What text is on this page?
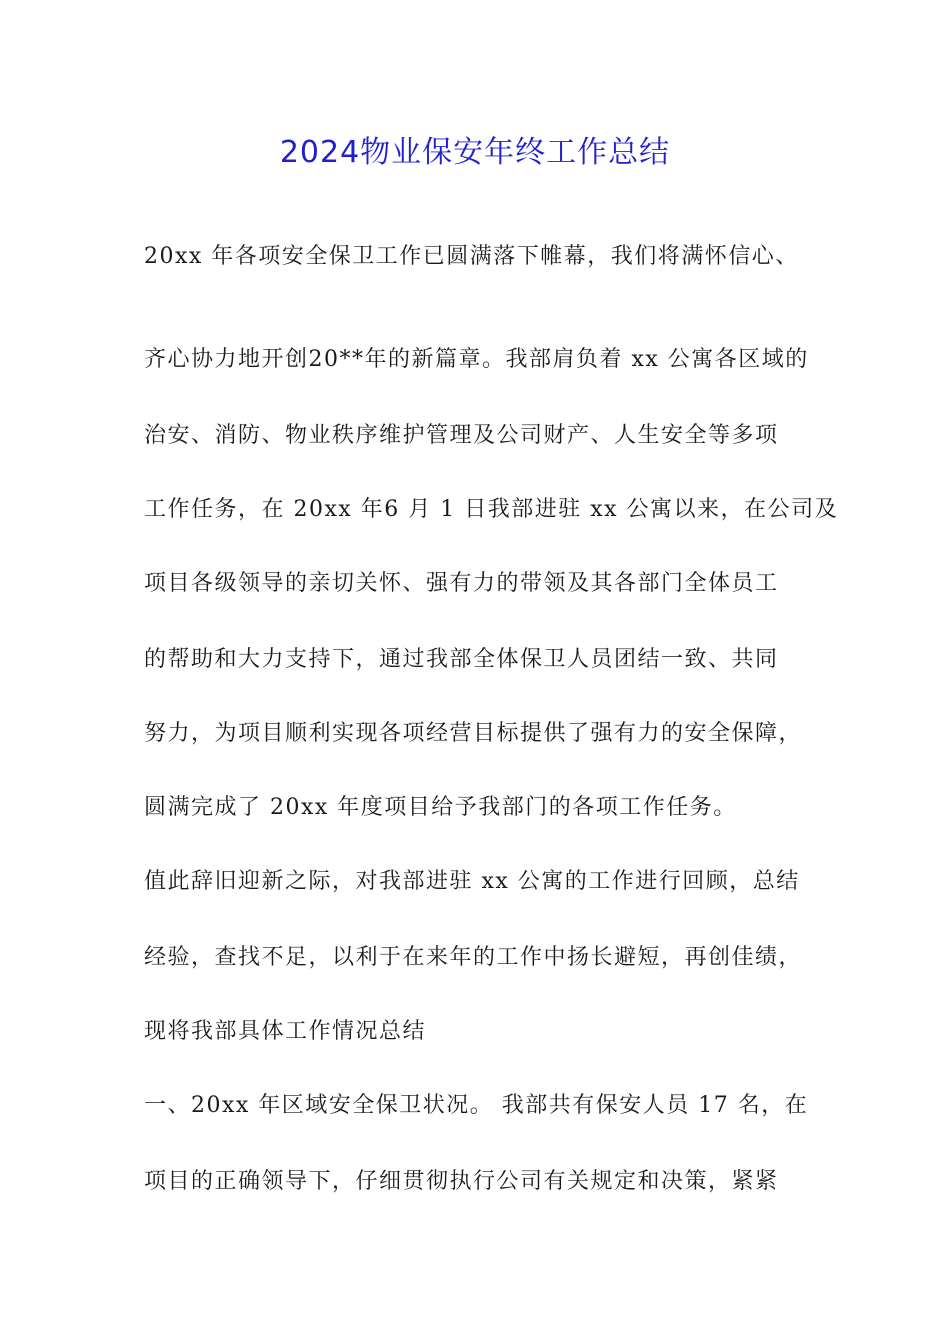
2024物业保安年终工作总结
20xx 年各项安全保卫工作已圆满落下帷幕，我们将满怀信心、
齐心协力地开创20**年的新篇章。我部肩负着 xx 公寓各区域的
治安、消防、物业秩序维护管理及公司财产、人生安全等多项
工作任务，在 20xx 年6 月 1 日我部进驻 xx 公寓以来，在公司及
项目各级领导的亲切关怀、强有力的带领及其各部门全体员工
的帮助和大力支持下，通过我部全体保卫人员团结一致、共同
努力，为项目顺利实现各项经营目标提供了强有力的安全保障，
圆满完成了 20xx 年度项目给予我部门的各项工作任务。
值此辞旧迎新之际，对我部进驻 xx 公寓的工作进行回顾，总结
经验，查找不足，以利于在来年的工作中扬长避短，再创佳绩，
现将我部具体工作情况总结
一、20xx 年区域安全保卫状况。 我部共有保安人员 17 名，在
项目的正确领导下，仔细贯彻执行公司有关规定和决策，紧紧
